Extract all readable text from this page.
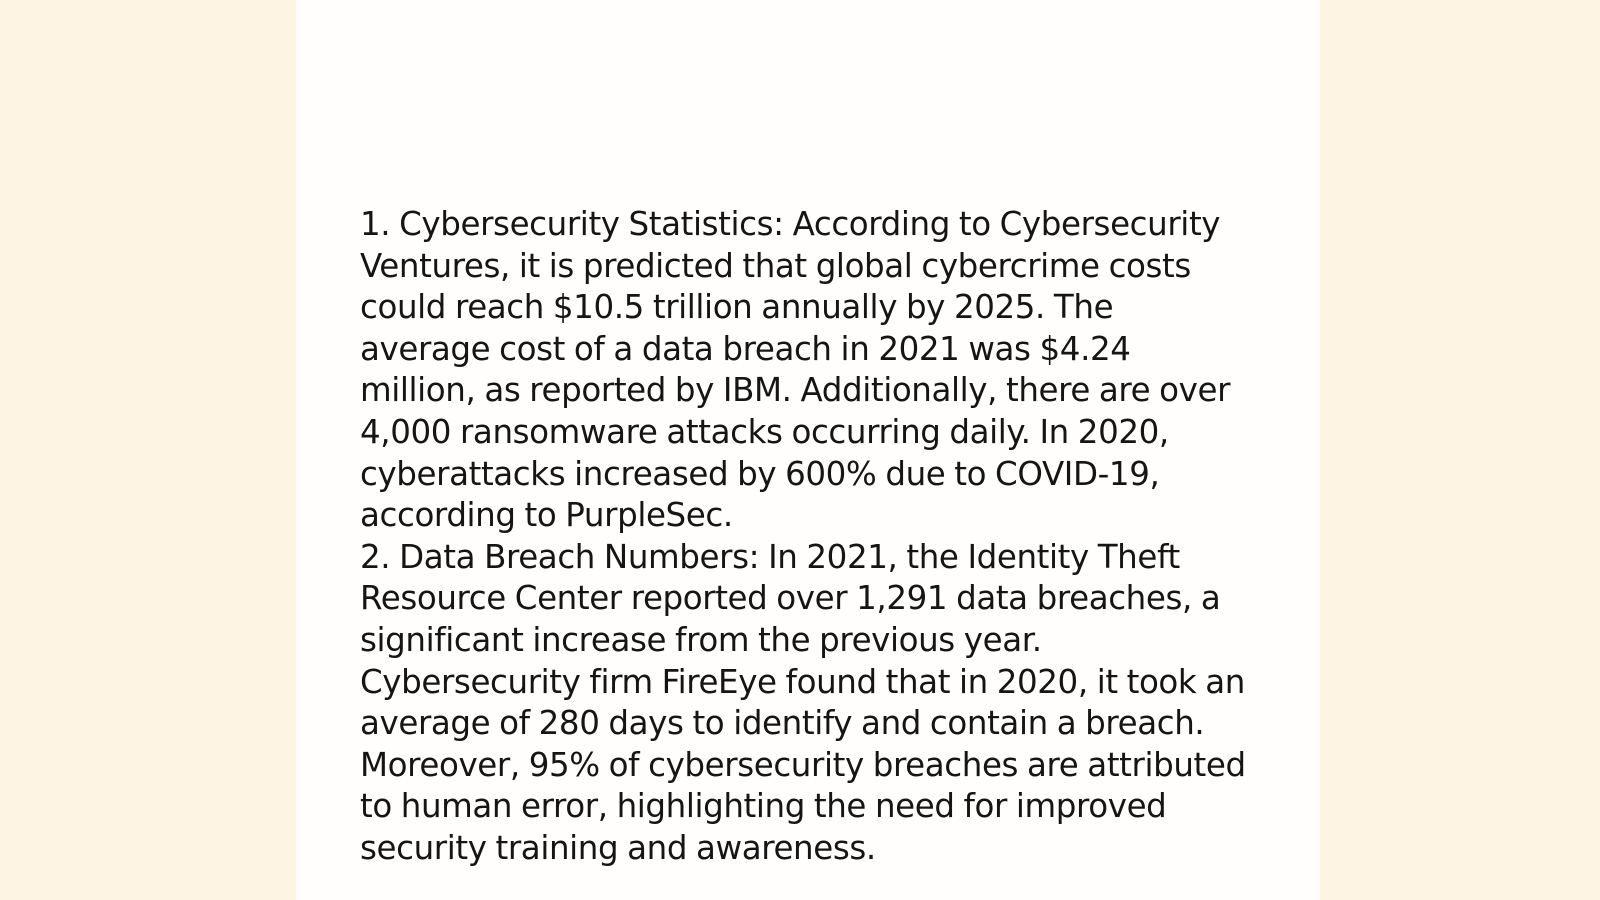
1. Cybersecurity Statistics: According to Cybersecurity Ventures, it is predicted that global cybercrime costs could reach $10.5 trillion annually by 2025. The average cost of a data breach in 2021 was $4.24 million, as reported by IBM. Additionally, there are over 4,000 ransomware attacks occurring daily. In 2020, cyberattacks increased by 600% due to COVID-19, according to PurpleSec.

2. Data Breach Numbers: In 2021, the Identity Theft Resource Center reported over 1,291 data breaches, a significant increase from the previous year. Cybersecurity firm FireEye found that in 2020, it took an average of 280 days to identify and contain a breach. Moreover, 95% of cybersecurity breaches are attributed to human error, highlighting the need for improved security training and awareness.
